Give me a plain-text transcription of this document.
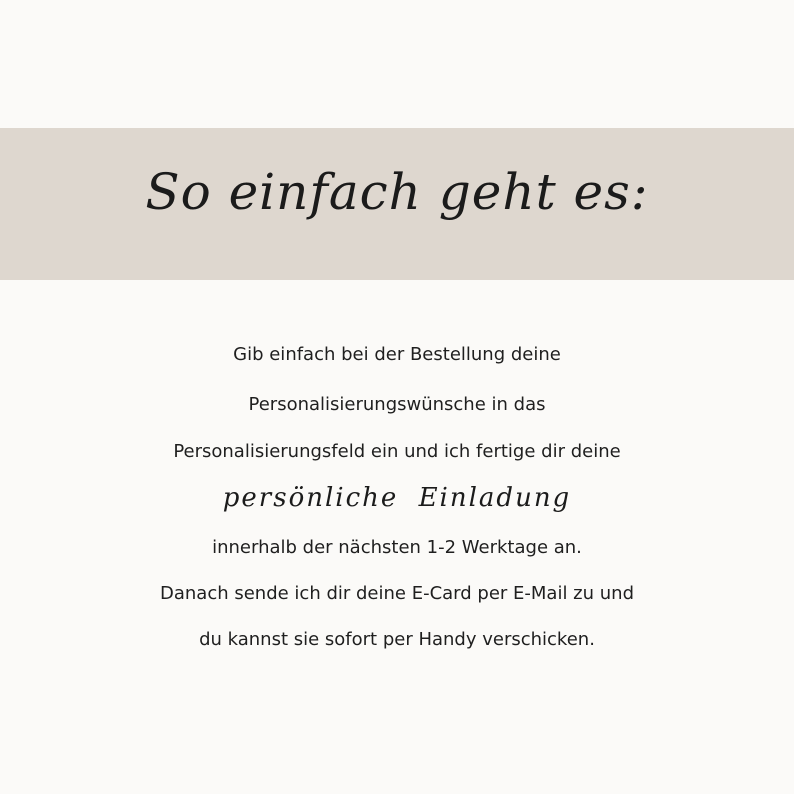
So einfach geht es:
Gib einfach bei der Bestellung deine
Personalisierungswünsche in das
Personalisierungsfeld ein und ich fertige dir deine
persönliche Einladung
innerhalb der nächsten 1-2 Werktage an.
Danach sende ich dir deine E-Card per E-Mail zu und
du kannst sie sofort per Handy verschicken.
